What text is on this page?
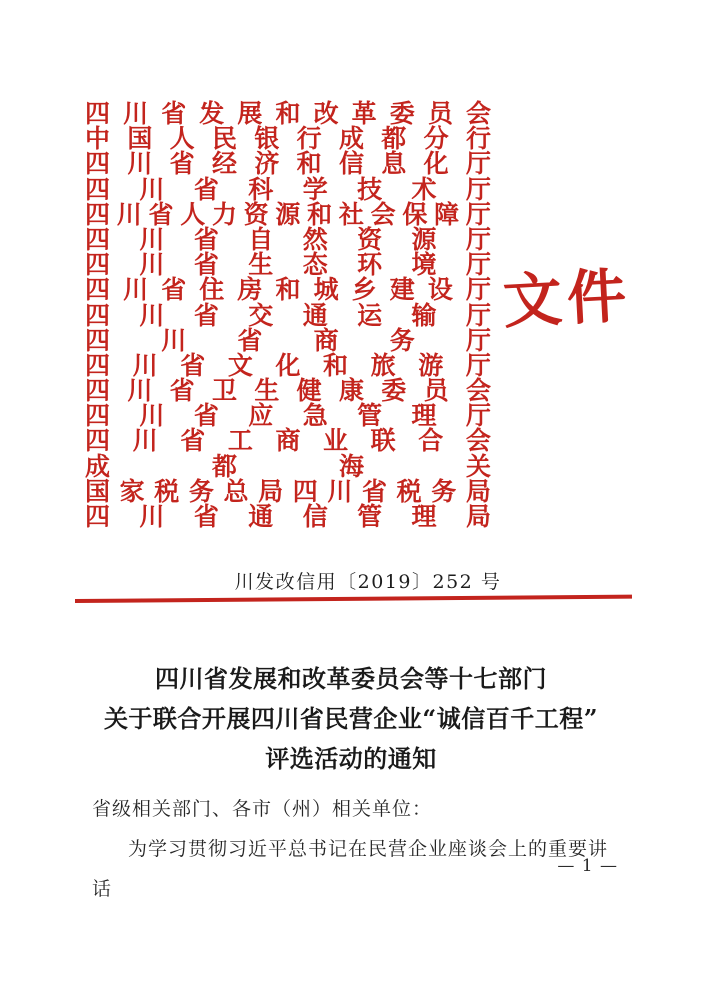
四 川 省 发 展 和 改 革 委 员 会
中 国 人 民 银 行 成 都 分 行
四 川 省 经 济 和 信 息 化 厅
四 川 省 科 学 技 术 厅
四 川 省 人 力 资 源 和 社 会 保 障 厅
四 川 省 自 然 资 源 厅
四 川 省 生 态 环 境 厅
四 川 省 住 房 和 城 乡 建 设 厅
四 川 省 交 通 运 输 厅
四 川 省 商 务 厅
四 川 省 文 化 和 旅 游 厅
四 川 省 卫 生 健 康 委 员 会
四 川 省 应 急 管 理 厅
四 川 省 工 商 业 联 合 会
成	都	海	关
国 家 税 务 总 局 四 川 省 税 务 局
四 川 省 通 信 管 理 局
文件
川发改信用〔2019〕252 号
四川省发展和改革委员会等十七部门
关于联合开展四川省民营企业“诚信百千工程”
评选活动的通知

省级相关部门、各市（州）相关单位：

为学习贯彻习近平总书记在民营企业座谈会上的重要讲话

— 1 —
